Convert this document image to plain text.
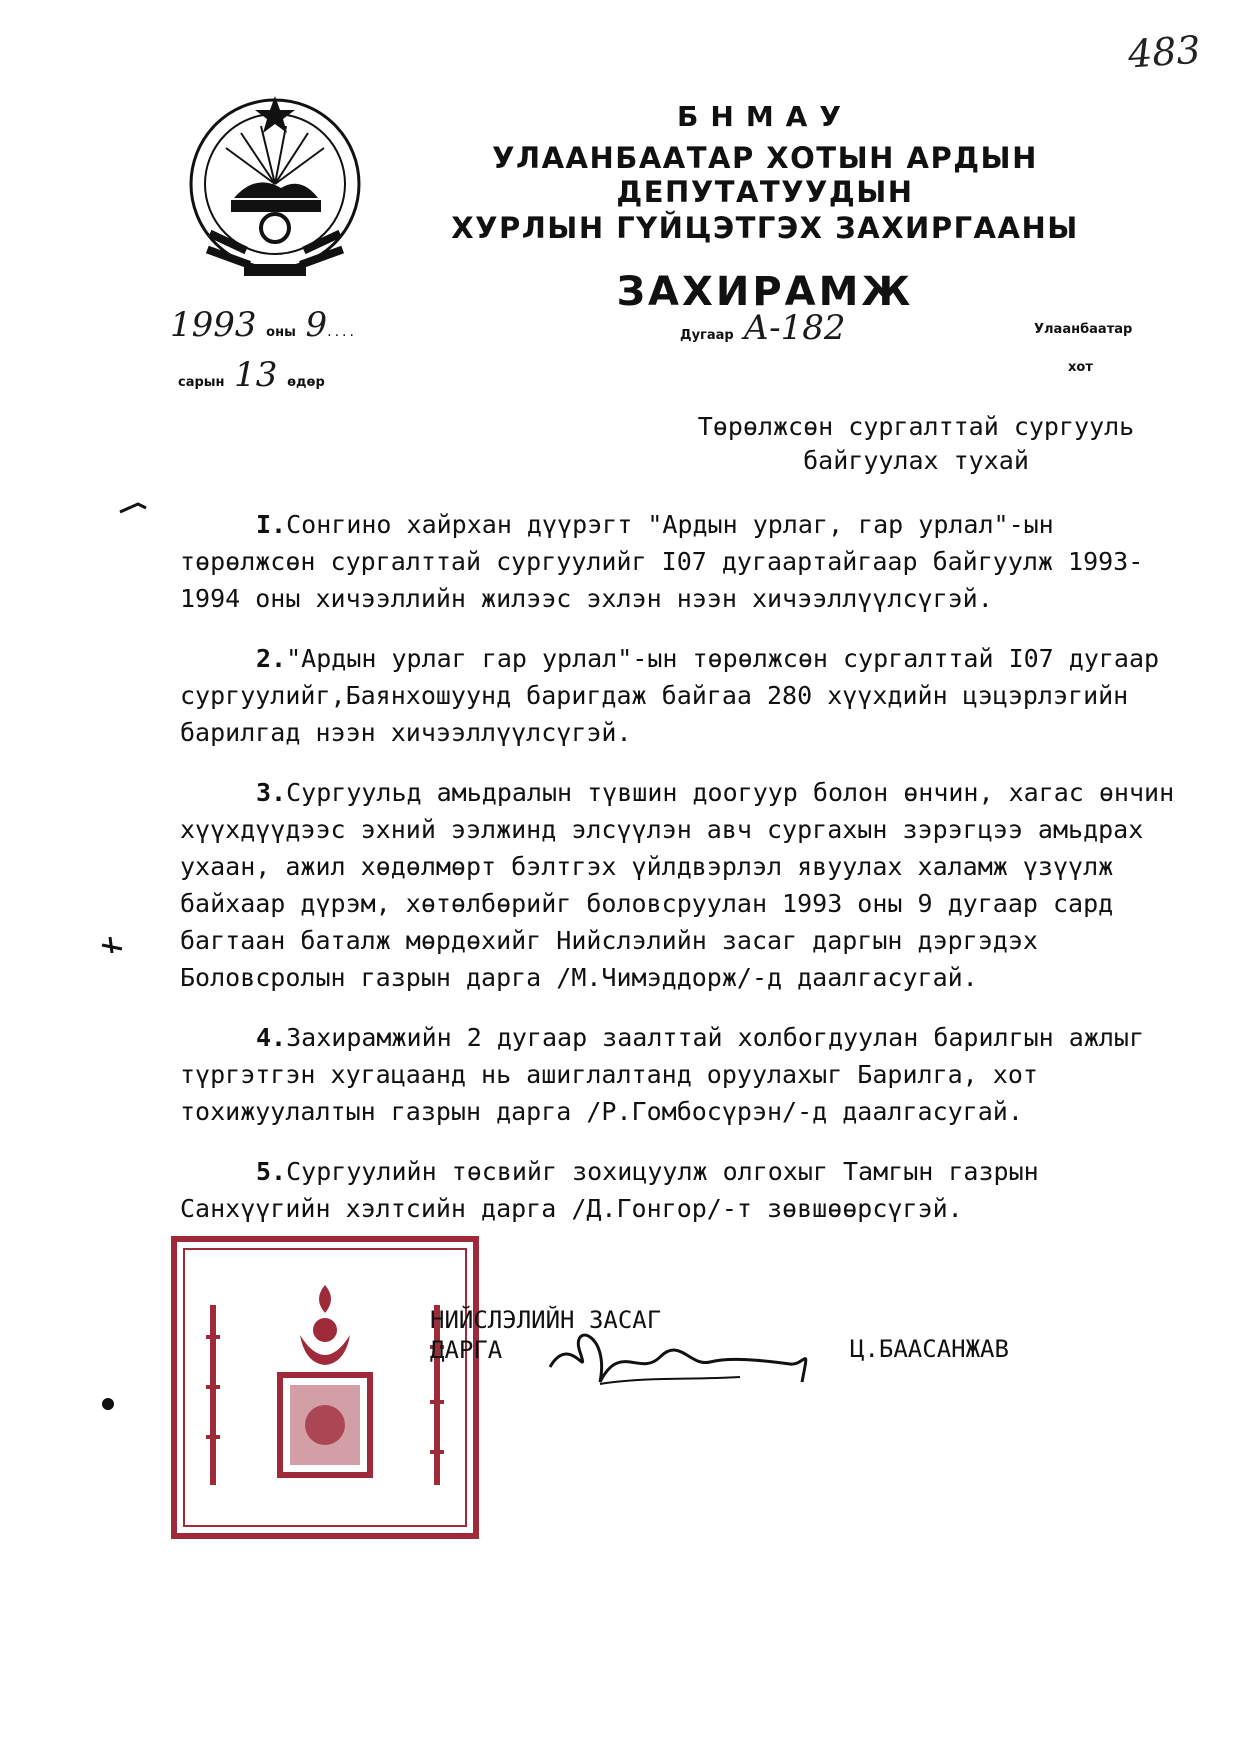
483
БНМАУ
УЛААНБААТАР ХОТЫН АРДЫН ДЕПУТАТУУДЫН
ХУРЛЫН ГҮЙЦЭТГЭХ ЗАХИРГААНЫ
ЗАХИРАМЖ
1993 оны 9....
сарын 13 өдөр
Дугаар А-182	Улаанбаатар
хот
Төрөлжсөн сургалттай сургууль
байгуулах тухай

I.Сонгино хайрхан дүүрэгт "Ардын урлаг, гар урлал"-ын төрөлжсөн сургалттай сургуулийг I07 дугаартайгаар байгуулж 1993-1994 оны хичээллийн жилээс эхлэн нээн хичээллүүлсүгэй.

2."Ардын урлаг гар урлал"-ын төрөлжсөн сургалттай I07 дугаар сургуулийг,Баянхошуунд баригдаж байгаа 280 хүүхдийн цэцэрлэгийн барилгад нээн хичээллүүлсүгэй.

3.Сургуульд амьдралын түвшин доогуур болон өнчин, хагас өнчин хүүхдүүдээс эхний ээлжинд элсүүлэн авч сургахын зэрэгцээ амьдрах ухаан, ажил хөдөлмөрт бэлтгэх үйлдвэрлэл явуулах халамж үзүүлж байхаар дүрэм, хөтөлбөрийг боловсруулан 1993 оны 9 дугаар сард багтаан баталж мөрдөхийг Нийслэлийн засаг даргын дэргэдэх Боловсролын газрын дарга /М.Чимэддорж/-д даалгасугай.

4.Захирамжийн 2 дугаар заалттай холбогдуулан барилгын ажлыг түргэтгэн хугацаанд нь ашиглалтанд оруулахыг Барилга, хот тохижуулалтын газрын дарга /Р.Гомбосүрэн/-д даалгасугай.

5.Сургуулийн төсвийг зохицуулж олгохыг Тамгын газрын Санхүүгийн хэлтсийн дарга /Д.Гонгор/-т зөвшөөрсүгэй.

НИЙСЛЭЛИЙН ЗАСАГ
ДАРГА	Ц.БААСАНЖАВ
